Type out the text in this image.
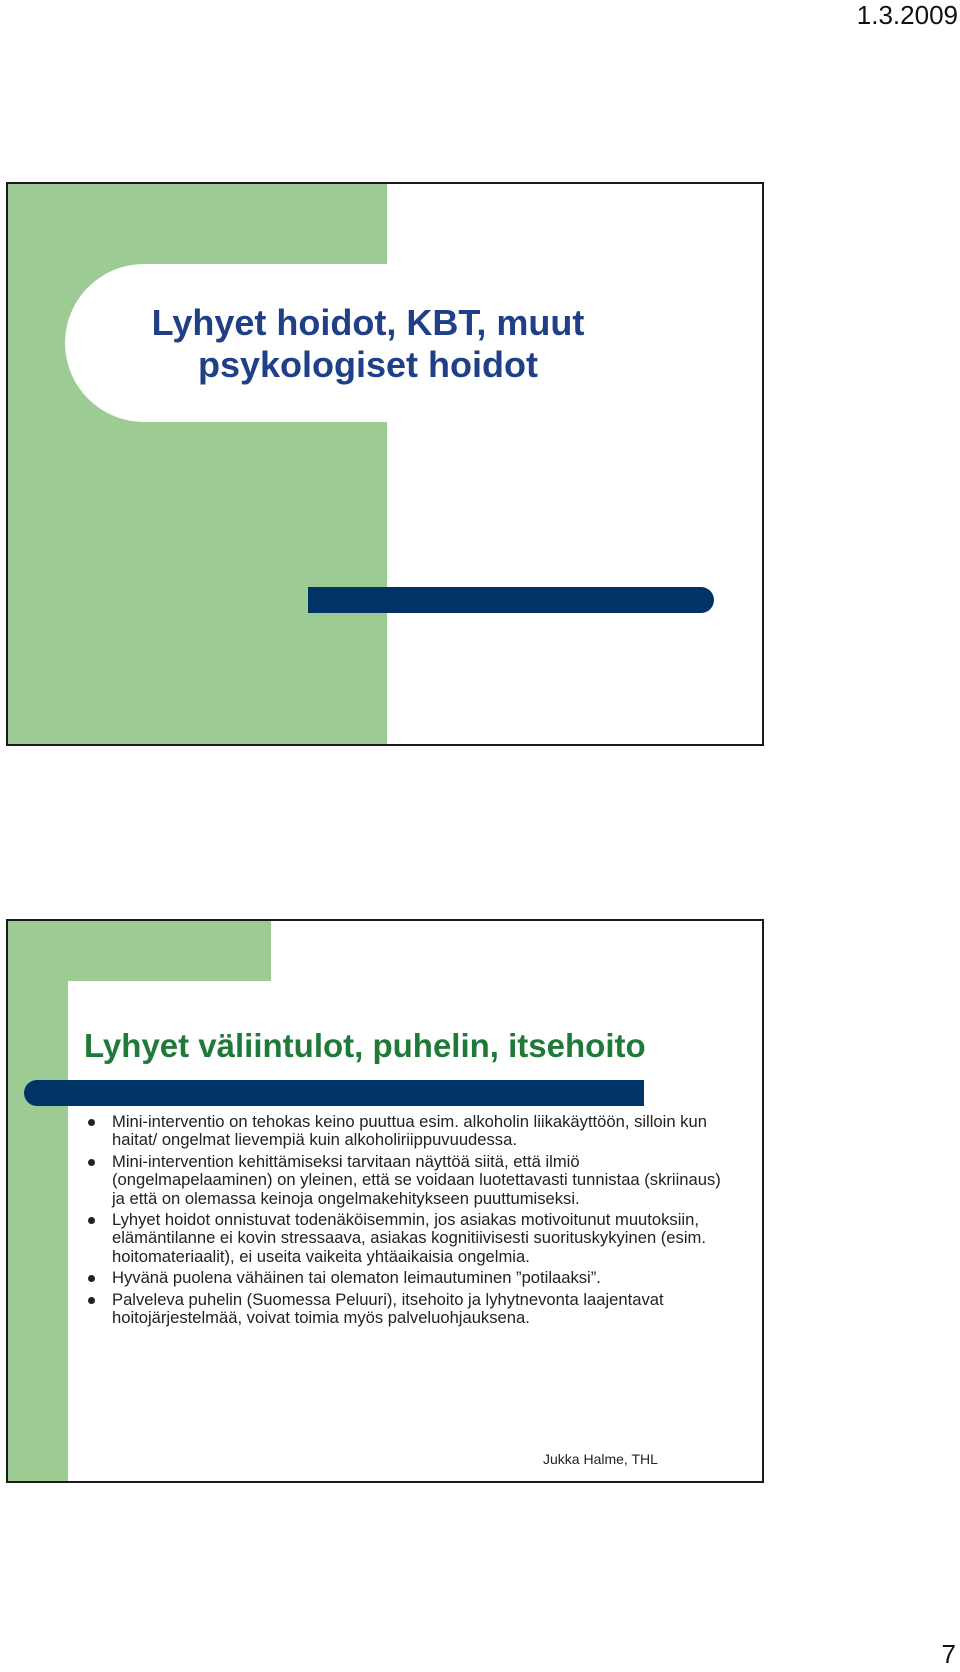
1.3.2009
Lyhyet hoidot, KBT, muut
psykologiset hoidot
Lyhyet väliintulot, puhelin, itsehoito
Mini-interventio on tehokas keino puuttua esim. alkoholin liikakäyttöön, silloin kun haitat/ ongelmat lievempiä kuin alkoholiriippuvuudessa.
Mini-intervention kehittämiseksi tarvitaan näyttöä siitä, että ilmiö (ongelmapelaaminen) on yleinen, että se voidaan luotettavasti tunnistaa (skriinaus) ja että on olemassa keinoja ongelmakehitykseen puuttumiseksi.
Lyhyet hoidot onnistuvat todenäköisemmin, jos asiakas motivoitunut muutoksiin, elämäntilanne ei kovin stressaava, asiakas kognitiivisesti suorituskykyinen (esim. hoitomateriaalit), ei useita vaikeita yhtäaikaisia ongelmia.
Hyvänä puolena vähäinen tai olematon leimautuminen ”potilaaksi”.
Palveleva puhelin (Suomessa Peluuri), itsehoito ja lyhytnevonta laajentavat hoitojärjestelmää, voivat toimia myös palveluohjauksena.
Jukka Halme, THL
7
